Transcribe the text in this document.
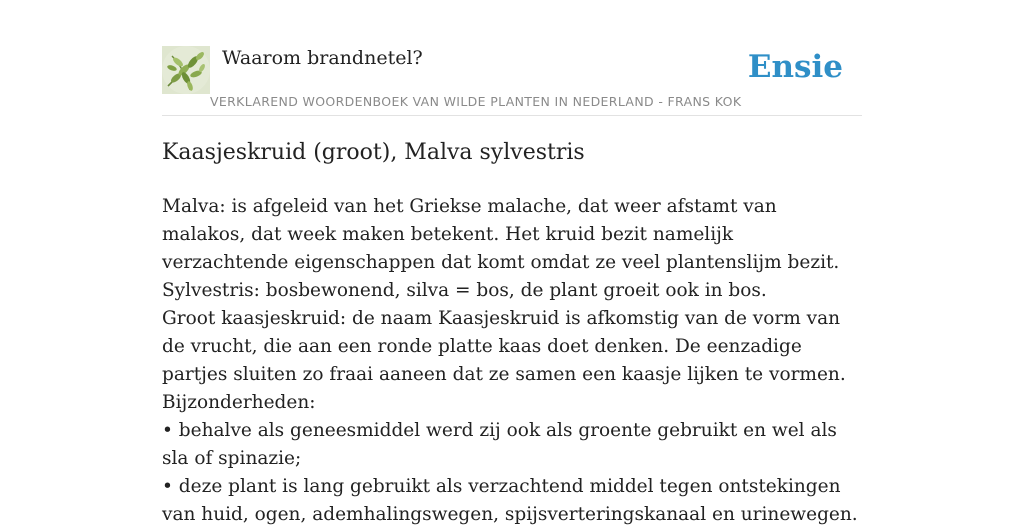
Waarom brandnetel?
VERKLAREND WOORDENBOEK VAN WILDE PLANTEN IN NEDERLAND - FRANS KOK
Ensie
Kaasjeskruid (groot), Malva sylvestris

Malva: is afgeleid van het Griekse malache, dat weer afstamt van malakos, dat week maken betekent. Het kruid bezit namelijk verzachtende eigenschappen dat komt omdat ze veel plantenslijm bezit.

Sylvestris: bosbewonend, silva = bos, de plant groeit ook in bos.

Groot kaasjeskruid: de naam Kaasjeskruid is afkomstig van de vorm van de vrucht, die aan een ronde platte kaas doet denken. De eenzadige partjes sluiten zo fraai aaneen dat ze samen een kaasje lijken te vormen.

Bijzonderheden:

• behalve als geneesmiddel werd zij ook als groente gebruikt en wel als sla of spinazie;

• deze plant is lang gebruikt als verzachtend middel tegen ontstekingen van huid, ogen, ademhalingswegen, spijsverteringskanaal en urinewegen.
